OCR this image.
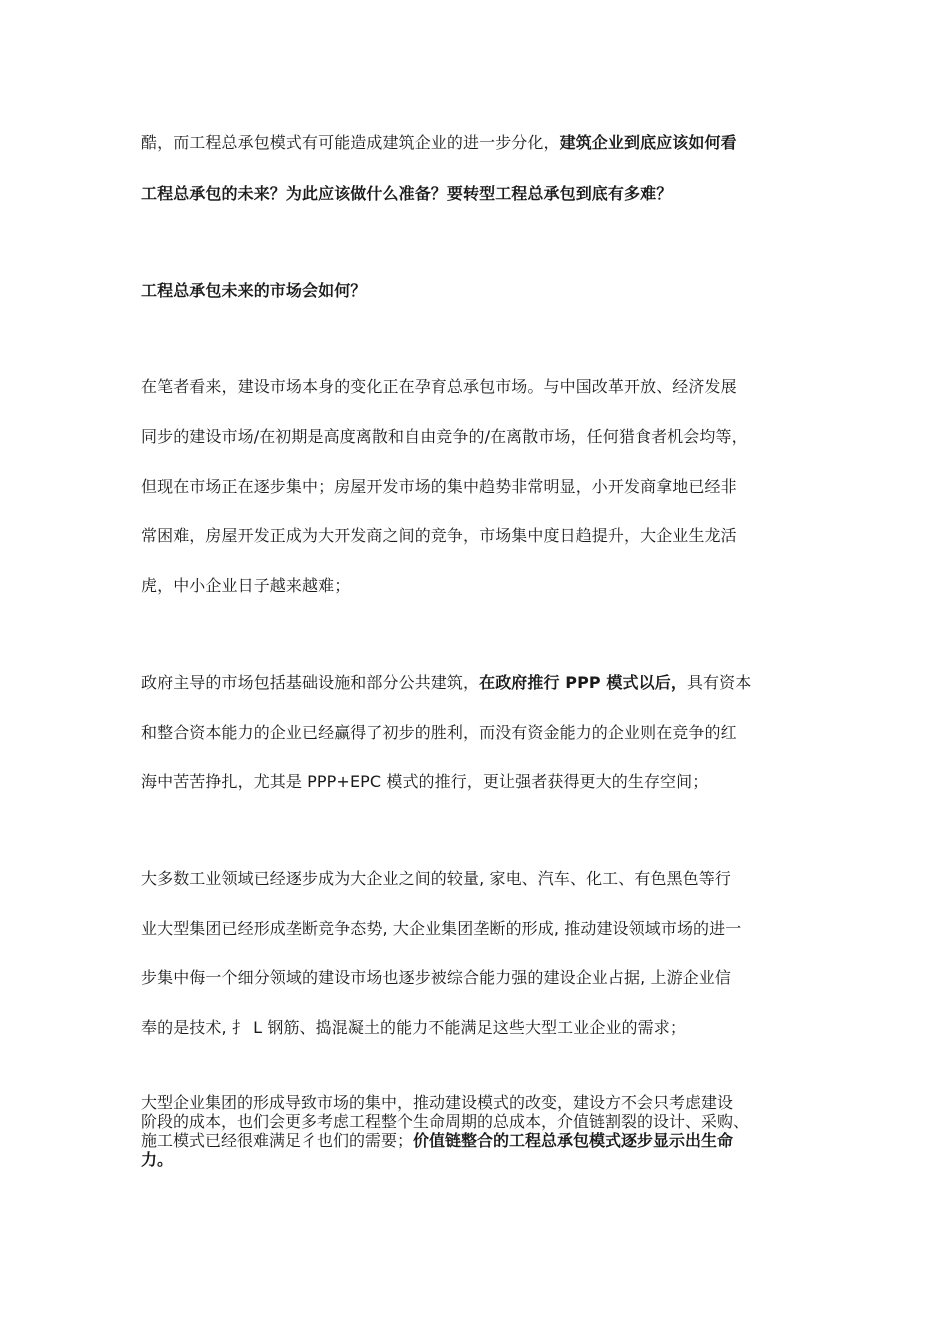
酷，而工程总承包模式有可能造成建筑企业的进一步分化，建筑企业到底应该如何看
工程总承包的未来？为此应该做什么准备？要转型工程总承包到底有多难？
工程总承包未来的市场会如何？
在笔者看来，建设市场本身的变化正在孕育总承包市场。与中国改革开放、经济发展
同步的建设市场/在初期是高度离散和自由竞争的/在离散市场，任何猎食者机会均等，
但现在市场正在逐步集中；房屋开发市场的集中趋势非常明显，小开发商拿地已经非
常困难，房屋开发正成为大开发商之间的竞争，市场集中度日趋提升，大企业生龙活
虎，中小企业日子越来越难；
政府主导的市场包括基础设施和部分公共建筑，在政府推行 PPP 模式以后，具有资本
和整合资本能力的企业已经赢得了初步的胜利，而没有资金能力的企业则在竞争的红
海中苦苦挣扎，尤其是 PPP+EPC 模式的推行，更让强者获得更大的生存空间；
大多数工业领域已经逐步成为大企业之间的较量, 家电、汽车、化工、有色黑色等行
业大型集团已经形成垄断竞争态势, 大企业集团垄断的形成, 推动建设领域市场的进一
步集中侮一个细分领域的建设市场也逐步被综合能力强的建设企业占据, 上游企业信
奉的是技术, 扌 L 钢筋、捣混凝土的能力不能满足这些大型工业企业的需求；
大型企业集团的形成导致市场的集中，推动建设模式的改变，建设方不会只考虑建设
阶段的成本，也们会更多考虑工程整个生命周期的总成本，介值链割裂的设计、采购、
施工模式已经很难满足彳也们的需要；价值链整合的工程总承包模式逐步显示出生命
力。
